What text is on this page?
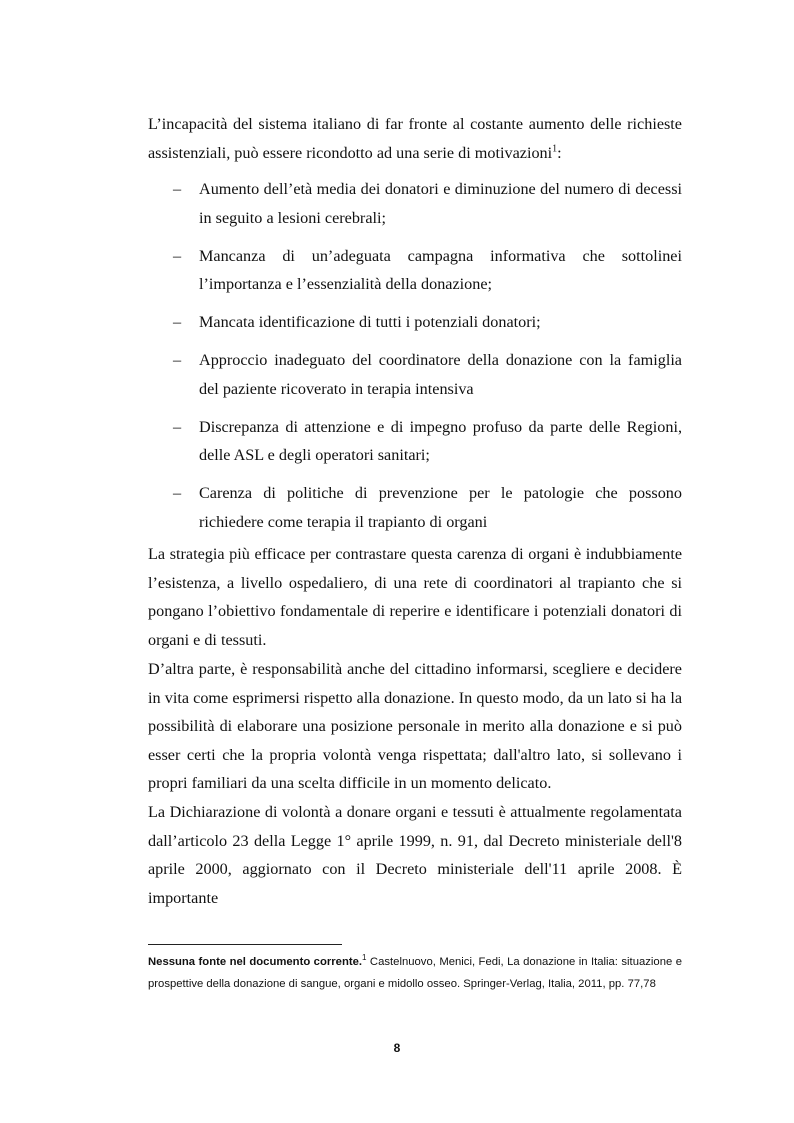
L’incapacità del sistema italiano di far fronte al costante aumento delle richieste assistenziali, può essere ricondotto ad una serie di motivazioni$^1$:

– Aumento dell’età media dei donatori e diminuzione del numero di decessi in seguito a lesioni cerebrali;
– Mancanza di un’adeguata campagna informativa che sottolinei l’importanza e l’essenzialità della donazione;
– Mancata identificazione di tutti i potenziali donatori;
– Approccio inadeguato del coordinatore della donazione con la famiglia del paziente ricoverato in terapia intensiva
– Discrepanza di attenzione e di impegno profuso da parte delle Regioni, delle ASL e degli operatori sanitari;
– Carenza di politiche di prevenzione per le patologie che possono richiedere come terapia il trapianto di organi

La strategia più efficace per contrastare questa carenza di organi è indubbiamente l’esistenza, a livello ospedaliero, di una rete di coordinatori al trapianto che si pongano l’obiettivo fondamentale di reperire e identificare i potenziali donatori di organi e di tessuti.

D’altra parte, è responsabilità anche del cittadino informarsi, scegliere e decidere in vita come esprimersi rispetto alla donazione. In questo modo, da un lato si ha la possibilità di elaborare una posizione personale in merito alla donazione e si può esser certi che la propria volontà venga rispettata; dall'altro lato, si sollevano i propri familiari da una scelta difficile in un momento delicato.

La Dichiarazione di volontà a donare organi e tessuti è attualmente regolamentata dall’articolo 23 della Legge 1° aprile 1999, n. 91, dal Decreto ministeriale dell'8 aprile 2000, aggiornato con il Decreto ministeriale dell'11 aprile 2008. È importante

Nessuna fonte nel documento corrente.$^1$ Castelnuovo, Menici, Fedi, La donazione in Italia: situazione e prospettive della donazione di sangue, organi e midollo osseo. Springer-Verlag, Italia, 2011, pp. 77,78

8
